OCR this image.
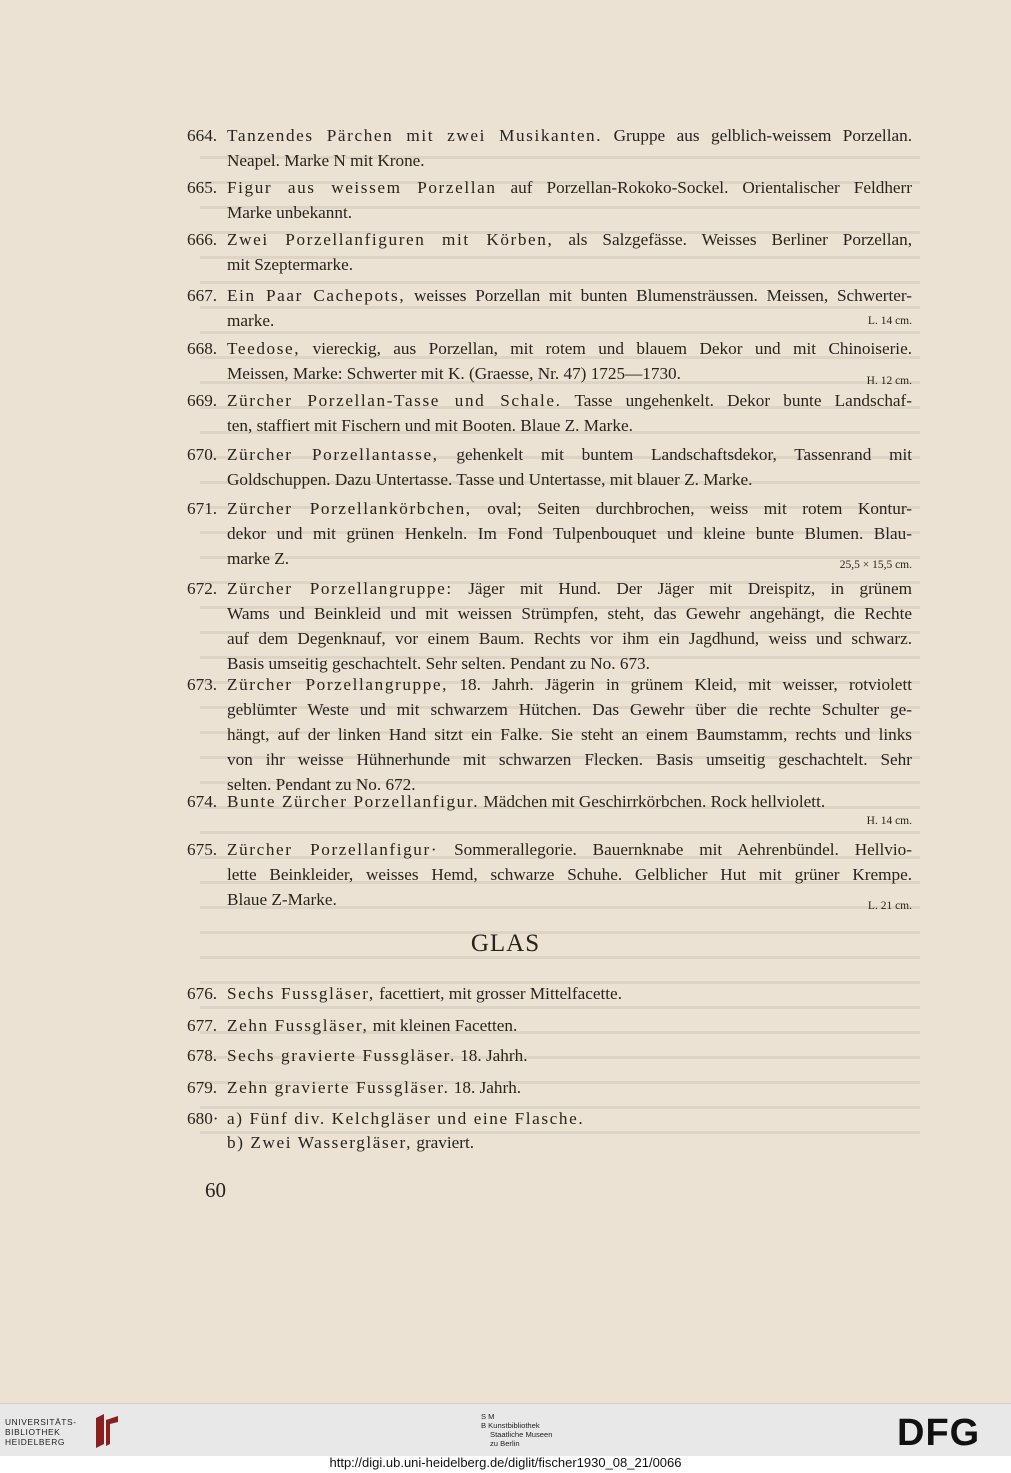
664. Tanzendes Pärchen mit zwei Musikanten. Gruppe aus gelblich-weissem Porzellan.
Neapel. Marke N mit Krone.
665. Figur aus weissem Porzellan auf Porzellan-Rokoko-Sockel. Orientalischer Feldherr
Marke unbekannt.
666. Zwei Porzellanfiguren mit Körben, als Salzgefässe. Weisses Berliner Porzellan,
mit Szeptermarke.
667. Ein Paar Cachepots, weisses Porzellan mit bunten Blumensträussen. Meissen, Schwerter-
marke.	L. 14 cm.
668. Teedose, viereckig, aus Porzellan, mit rotem und blauem Dekor und mit Chinoiserie.
Meissen, Marke: Schwerter mit K. (Graesse, Nr. 47) 1725—1730.	H. 12 cm.
669. Zürcher Porzellan-Tasse und Schale. Tasse ungehenkelt. Dekor bunte Landschaf-
ten, staffiert mit Fischern und mit Booten. Blaue Z. Marke.
670. Zürcher Porzellantasse, gehenkelt mit buntem Landschaftsdekor, Tassenrand mit
Goldschuppen. Dazu Untertasse. Tasse und Untertasse, mit blauer Z. Marke.
671. Zürcher Porzellankörbchen, oval; Seiten durchbrochen, weiss mit rotem Kontur-
dekor und mit grünen Henkeln. Im Fond Tulpenbouquet und kleine bunte Blumen. Blau-
marke Z.	25,5 × 15,5 cm.
672. Zürcher Porzellangruppe: Jäger mit Hund. Der Jäger mit Dreispitz, in grünem
Wams und Beinkleid und mit weissen Strümpfen, steht, das Gewehr angehängt, die Rechte
auf dem Degenknauf, vor einem Baum. Rechts vor ihm ein Jagdhund, weiss und schwarz.
Basis umseitig geschachtelt. Sehr selten. Pendant zu No. 673.
673. Zürcher Porzellangruppe, 18. Jahrh. Jägerin in grünem Kleid, mit weisser, rotviolett
geblümter Weste und mit schwarzem Hütchen. Das Gewehr über die rechte Schulter ge-
hängt, auf der linken Hand sitzt ein Falke. Sie steht an einem Baumstamm, rechts und links
von ihr weisse Hühnerhunde mit schwarzen Flecken. Basis umseitig geschachtelt. Sehr
selten. Pendant zu No. 672.
674. Bunte Zürcher Porzellanfigur. Mädchen mit Geschirrkörbchen. Rock hellviolett.
H. 14 cm.
675. Zürcher Porzellanfigur· Sommerallegorie. Bauernknabe mit Aehrenbündel. Hellvio-
lette Beinkleider, weisses Hemd, schwarze Schuhe. Gelblicher Hut mit grüner Krempe.
Blaue Z-Marke.	L. 21 cm.
GLAS
676. Sechs Fussgläser, facettiert, mit grosser Mittelfacette.
677. Zehn Fussgläser, mit kleinen Facetten.
678. Sechs gravierte Fussgläser. 18. Jahrh.
679. Zehn gravierte Fussgläser. 18. Jahrh.
680· a) Fünf div. Kelchgläser und eine Flasche.
b) Zwei Wassergläser, graviert.
60
UNIVERSITÄTS-
BIBLIOTHEK
HEIDELBERG
S M
B Kunstbibliothek
Staatliche Museen
zu Berlin	DFG
http://digi.ub.uni-heidelberg.de/diglit/fischer1930_08_21/0066
